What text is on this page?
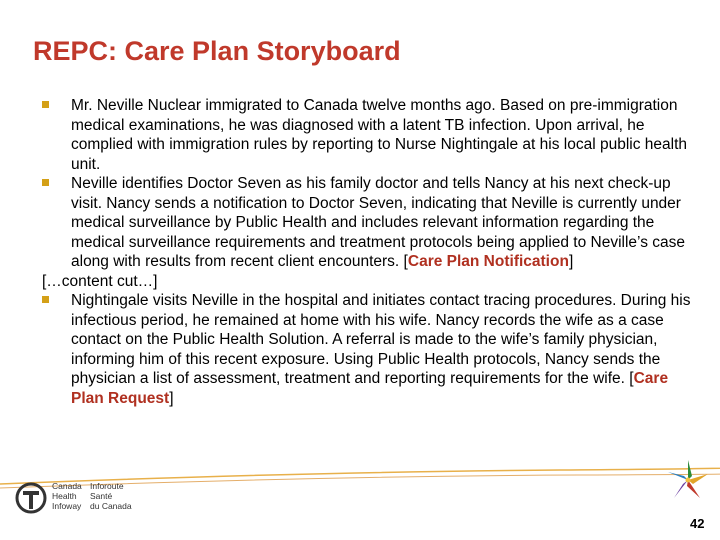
REPC: Care Plan Storyboard

Mr. Neville Nuclear immigrated to Canada twelve months ago. Based on pre-immigration medical examinations, he was diagnosed with a latent TB infection. Upon arrival, he complied with immigration rules by reporting to Nurse Nightingale at his local public health unit.

Neville identifies Doctor Seven as his family doctor and tells Nancy at his next check-up visit. Nancy sends a notification to Doctor Seven, indicating that Neville is currently under medical surveillance by Public Health and includes relevant information regarding the medical surveillance requirements and treatment protocols being applied to Neville’s case along with results from recent client encounters. [Care Plan Notification]

[…content cut…]

Nightingale visits Neville in the hospital and initiates contact tracing procedures. During his infectious period, he remained at home with his wife. Nancy records the wife as a case contact on the Public Health Solution. A referral is made to the wife’s family physician, informing him of this recent exposure. Using Public Health protocols, Nancy sends the physician a list of assessment, treatment and reporting requirements for the wife. [Care Plan Request]

Canada
Health
Infoway
Inforoute
Santé
du Canada
42
